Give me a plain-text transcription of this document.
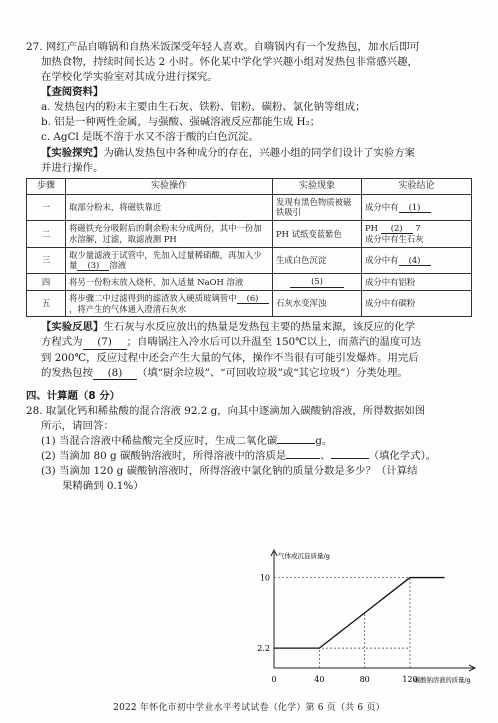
27. 网红产品自嗨锅和自热米饭深受年轻人喜欢。自嗨锅内有一个发热包，加水后即可

加热食物，持续时间长达 2 小时。怀化某中学化学兴趣小组对发热包非常感兴趣，

在学校化学实验室对其成分进行探究。

【查阅资料】

a. 发热包内的粉末主要由生石灰、铁粉、铝粉、碳粉、氯化钠等组成；

b. 铝是一种两性金属，与强酸、强碱溶液反应都能生成 H₂；

c. AgCl 是既不溶于水又不溶于酸的白色沉淀。

【实验探究】为确认发热包中各种成分的存在，兴趣小组的同学们设计了实验方案

并进行操作。

步骤	实验操作	实验现象	实验结论
一	取部分粉末，将磁铁靠近	发现有黑色物质被磁铁吸引	成分中有 (1)
二	将磁铁充分吸附后的剩余粉末分成两份，其中一份加水溶解，过滤，取滤液测 PH	PH 试纸变蓝紫色	PH (2) 7
成分中有生石灰
三	取少量滤液于试管中，先加入过量稀硝酸，再加入少量 (3) 溶液	生成白色沉淀	成分中有 (4)
四	将另一份粉末放入烧杯，加入适量 NaOH 溶液	(5)	成分中有铝粉
五	将步骤二中过滤得到的滤渣放入硬质玻璃管中 (6)，将产生的气体通入澄清石灰水	石灰水变浑浊	成分中有碳粉

【实验反思】生石灰与水反应放出的热量是发热包主要的热量来源，该反应的化学

方程式为 (7) ；自嗨锅注入冷水后可以升温至 150℃以上，而蒸汽的温度可达

到 200℃，反应过程中还会产生大量的气体，操作不当很有可能引发爆炸。用完后

的发热包按 (8) （填“厨余垃圾”、“可回收垃圾”或“其它垃圾”）分类处理。

四、计算题（8 分）

28. 取氯化钙和稀盐酸的混合溶液 92.2 g，向其中逐滴加入碳酸钠溶液，所得数据如图

所示，请回答：

(1) 当混合溶液中稀盐酸完全反应时，生成二氧化碳	g。

(2) 当滴加 80 g 碳酸钠溶液时，所得溶液中的溶质是	、	（填化学式）。

(3) 当滴加 120 g 碳酸钠溶液时，所得溶液中氯化钠的质量分数是多少？（计算结

果精确到 0.1%）

气体或沉淀质量/g
碳酸钠溶液的质量/g
0	40	80	120
2.2
10
2022 年怀化市初中学业水平考试试卷（化学）第 6 页（共 6 页）
